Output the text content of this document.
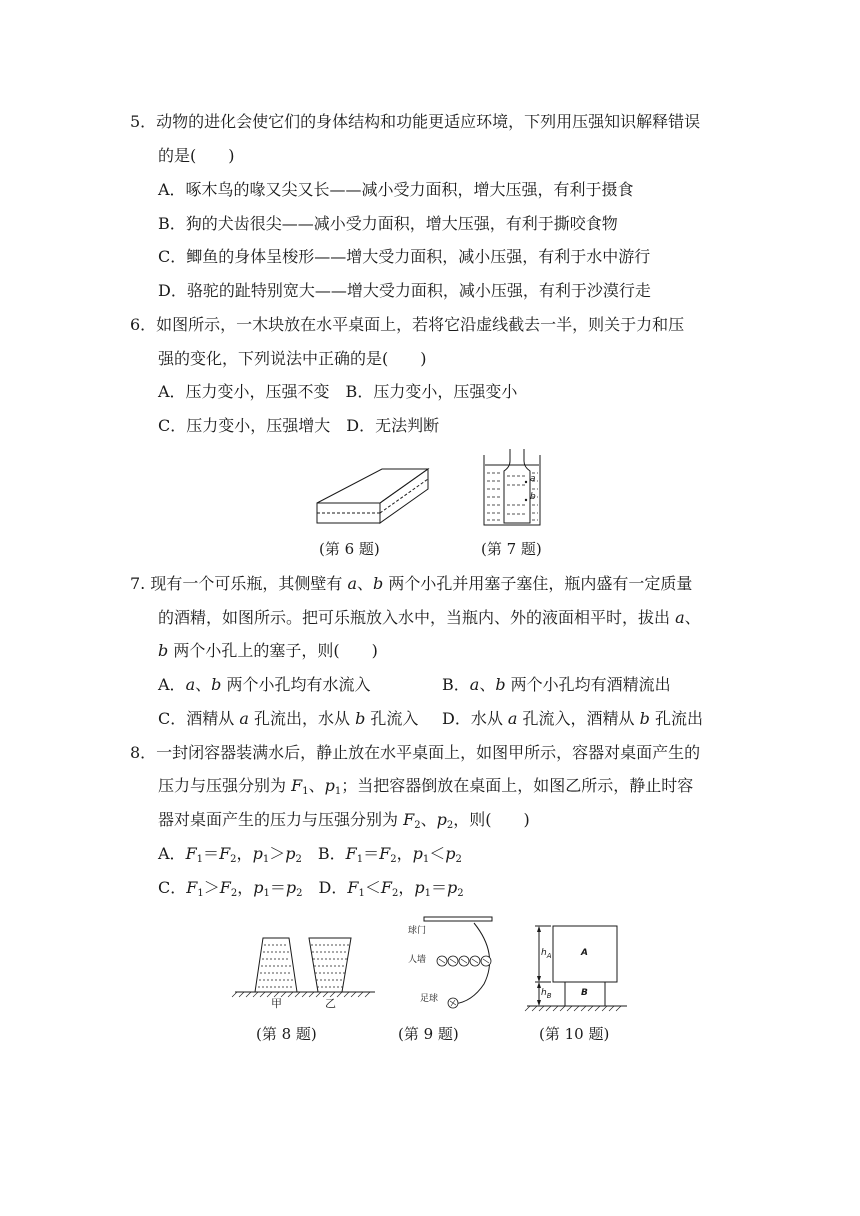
5．动物的进化会使它们的身体结构和功能更适应环境，下列用压强知识解释错误
的是(　　)
A．啄木鸟的喙又尖又长——减小受力面积，增大压强，有利于摄食
B．狗的犬齿很尖——减小受力面积，增大压强，有利于撕咬食物
C．鲫鱼的身体呈梭形——增大受力面积，减小压强，有利于水中游行
D．骆驼的趾特别宽大——增大受力面积，减小压强，有利于沙漠行走
6．如图所示，一木块放在水平桌面上，若将它沿虚线截去一半，则关于力和压
强的变化，下列说法中正确的是(　　)
A．压力变小，压强不变　B．压力变小，压强变小
C．压力变小，压强增大　D．无法判断
(第 6 题)
a
b
(第 7 题)
7. 现有一个可乐瓶，其侧壁有 a、b 两个小孔并用塞子塞住，瓶内盛有一定质量
的酒精，如图所示。把可乐瓶放入水中，当瓶内、外的液面相平时，拔出 a、
b 两个小孔上的塞子，则(　　)
A．a、b 两个小孔均有水流入	B．a、b 两个小孔均有酒精流出
C．酒精从 a 孔流出，水从 b 孔流入 D．水从 a 孔流入，酒精从 b 孔流出
8．一封闭容器装满水后，静止放在水平桌面上，如图甲所示，容器对桌面产生的
压力与压强分别为 $F_1$、$p_1$；当把容器倒放在桌面上，如图乙所示，静止时容
器对桌面产生的压力与压强分别为 $F_2$、$p_2$，则(　　)
A．$F_1=F_2$，$p_1>p_2$　 B．$F_1=F_2$，$p_1<p_2$
C．$F_1>F_2$，$p_1=p_2$　 D．$F_1<F_2$，$p_1=p_2$
甲	乙
(第 8 题)
球门
人墙
足球
(第 9 题)
A
B
$h_A$
$h_B$
(第 10 题)
